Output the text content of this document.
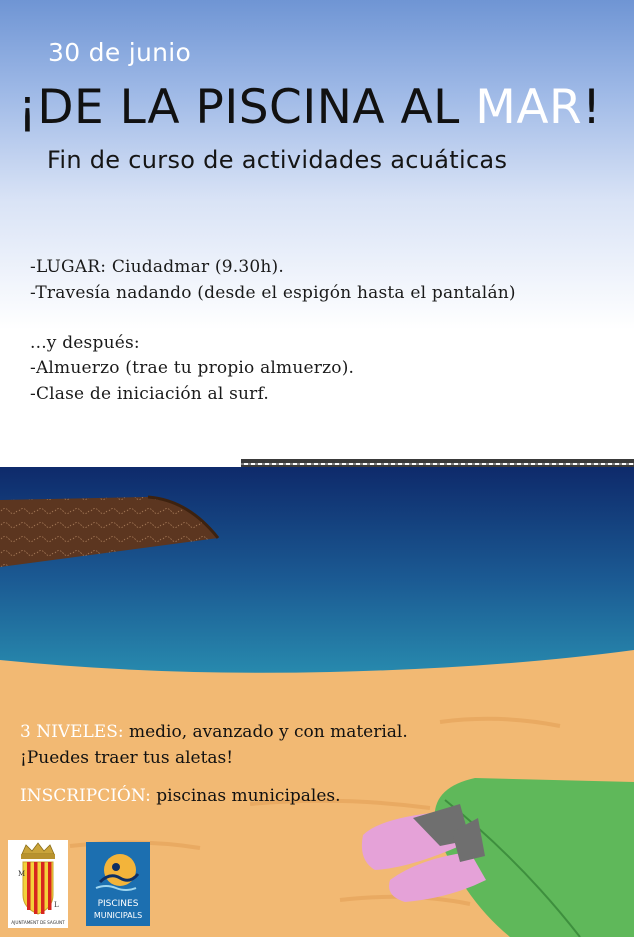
30 de junio
¡DE LA PISCINA AL MAR!
Fin de curso de actividades acuáticas
-LUGAR: Ciudadmar (9.30h).
-Travesía nadando (desde el espigón hasta el pantalán)
...y después:
-Almuerzo (trae tu propio almuerzo).
-Clase de iniciación al surf.
3 NIVELES: medio, avanzado y con material.
¡Puedes traer tus aletas!
INSCRIPCIÓN: piscinas municipales.
M
L
AJUNTAMENT DE SAGUNT
PISCINES
MUNICIPALS
